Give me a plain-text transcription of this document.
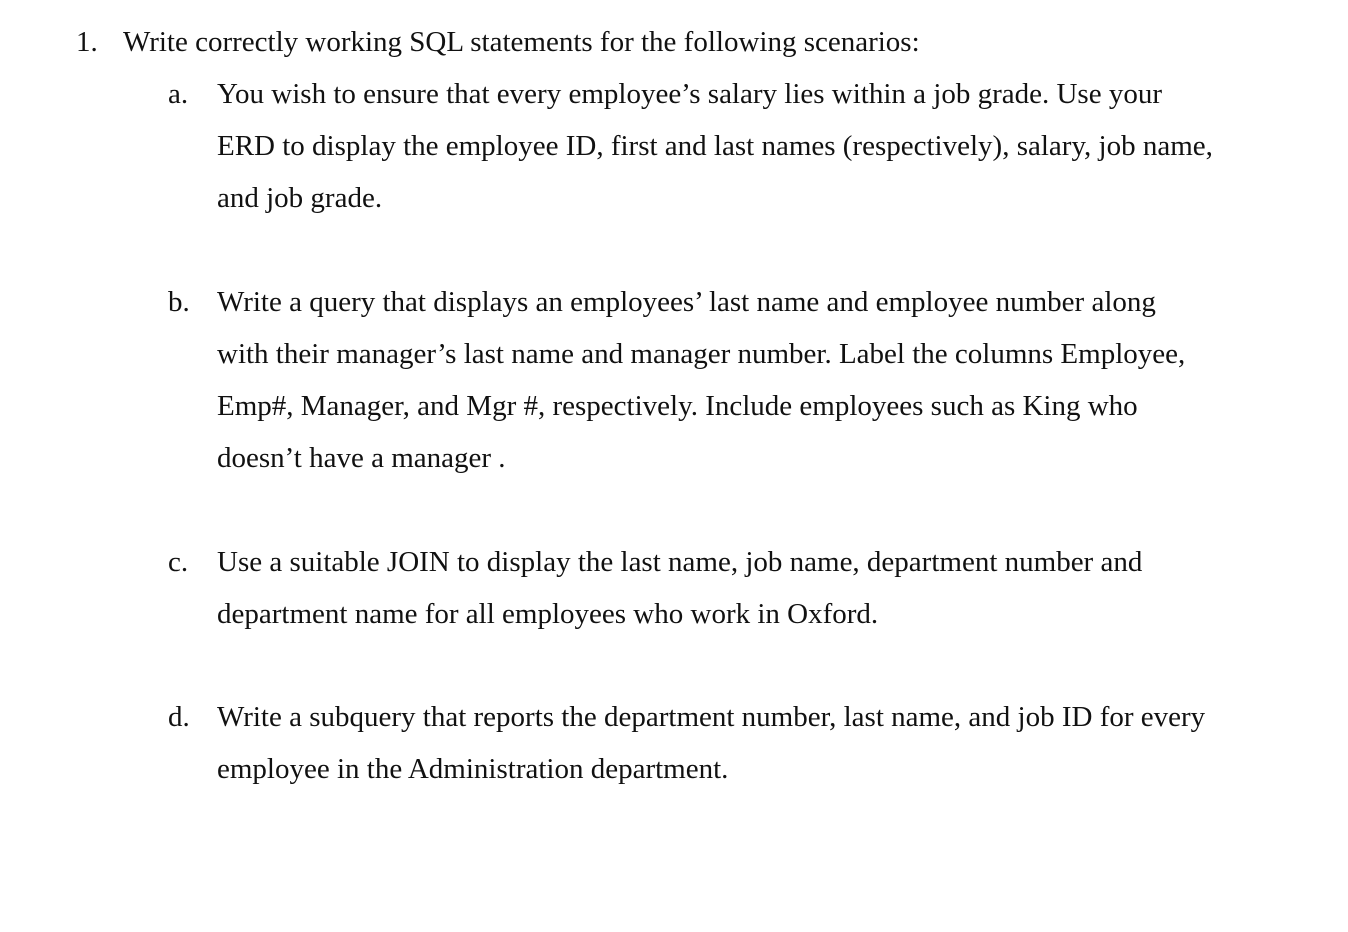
1. Write correctly working SQL statements for the following scenarios:
a. You wish to ensure that every employee’s salary lies within a job grade. Use your
ERD to display the employee ID, first and last names (respectively), salary, job name,
and job grade.
b. Write a query that displays an employees’ last name and employee number along
with their manager’s last name and manager number. Label the columns Employee,
Emp#, Manager, and Mgr #, respectively. Include employees such as King who
doesn’t have a manager .
c. Use a suitable JOIN to display the last name, job name, department number and
department name for all employees who work in Oxford.
d. Write a subquery that reports the department number, last name, and job ID for every
employee in the Administration department.
